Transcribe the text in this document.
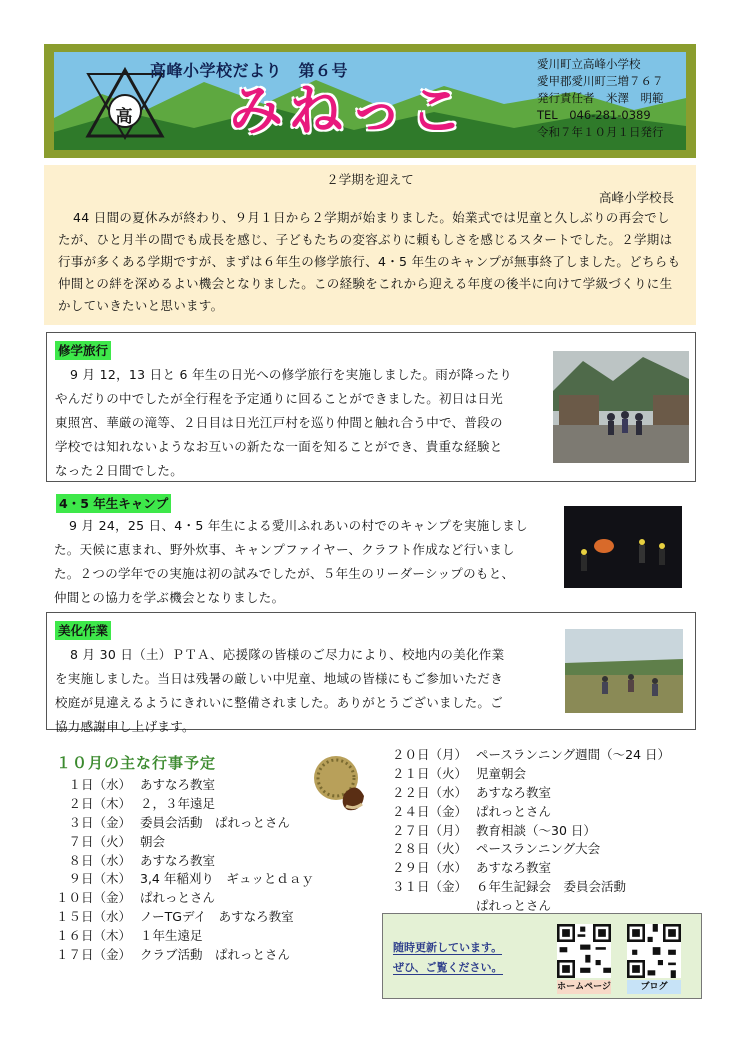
高
高峰小学校だより　第６号
みねっこ
愛川町立高峰小学校
愛甲郡愛川町三増７６７
発行責任者　米澤　明範
TEL　046-281-0389
令和７年１０月１日発行
２学期を迎えて
高峰小学校長
44 日間の夏休みが終わり、９月１日から２学期が始まりました。始業式では児童と久しぶりの再会でしたが、ひと月半の間でも成長を感じ、子どもたちの変容ぶりに頼もしさを感じるスタートでした。２学期は行事が多くある学期ですが、まずは６年生の修学旅行、4・5 年生のキャンプが無事終了しました。どちらも仲間との絆を深めるよい機会となりました。この経験をこれから迎える年度の後半に向けて学級づくりに生かしていきたいと思います。
修学旅行
9 月 12，13 日と 6 年生の日光への修学旅行を実施しました。雨が降ったり
やんだりの中でしたが全行程を予定通りに回ることができました。初日は日光
東照宮、華厳の滝等、２日目は日光江戸村を巡り仲間と触れ合う中で、普段の
学校では知れないようなお互いの新たな一面を知ることができ、貴重な経験と
なった２日間でした。
4・5 年生キャンプ
9 月 24，25 日、4・5 年生による愛川ふれあいの村でのキャンプを実施しまし
た。天候に恵まれ、野外炊事、キャンプファイヤー、クラフト作成など行いまし
た。２つの学年での実施は初の試みでしたが、５年生のリーダーシップのもと、
仲間との協力を学ぶ機会となりました。
美化作業
8 月 30 日（土）ＰＴＡ、応援隊の皆様のご尽力により、校地内の美化作業
を実施しました。当日は残暑の厳しい中児童、地域の皆様にもご参加いただき
校庭が見違えるようにきれいに整備されました。ありがとうございました。ご
協力感謝申し上げます。
１０月の主な行事予定
　１日（水） あすなろ教室
　２日（木） ２，３年遠足
　３日（金） 委員会活動　ぱれっとさん
　７日（火） 朝会
　８日（水） あすなろ教室
　９日（木） 3,4 年稲刈り　ギュッとｄａｙ
１０日（金） ぱれっとさん
１５日（水） ノーTGデイ　あすなろ教室
１６日（木） １年生遠足
１７日（金） クラブ活動　ぱれっとさん
２０日（月） ペースランニング週間（～24 日）
２１日（火） 児童朝会
２２日（水） あすなろ教室
２４日（金） ぱれっとさん
２７日（月） 教育相談（～30 日）
２８日（火） ペースランニング大会
２９日（水） あすなろ教室
３１日（金） ６年生記録会　委員会活動
ぱれっとさん
随時更新しています。
ぜひ、ご覧ください。
ホームページ	ブログ
